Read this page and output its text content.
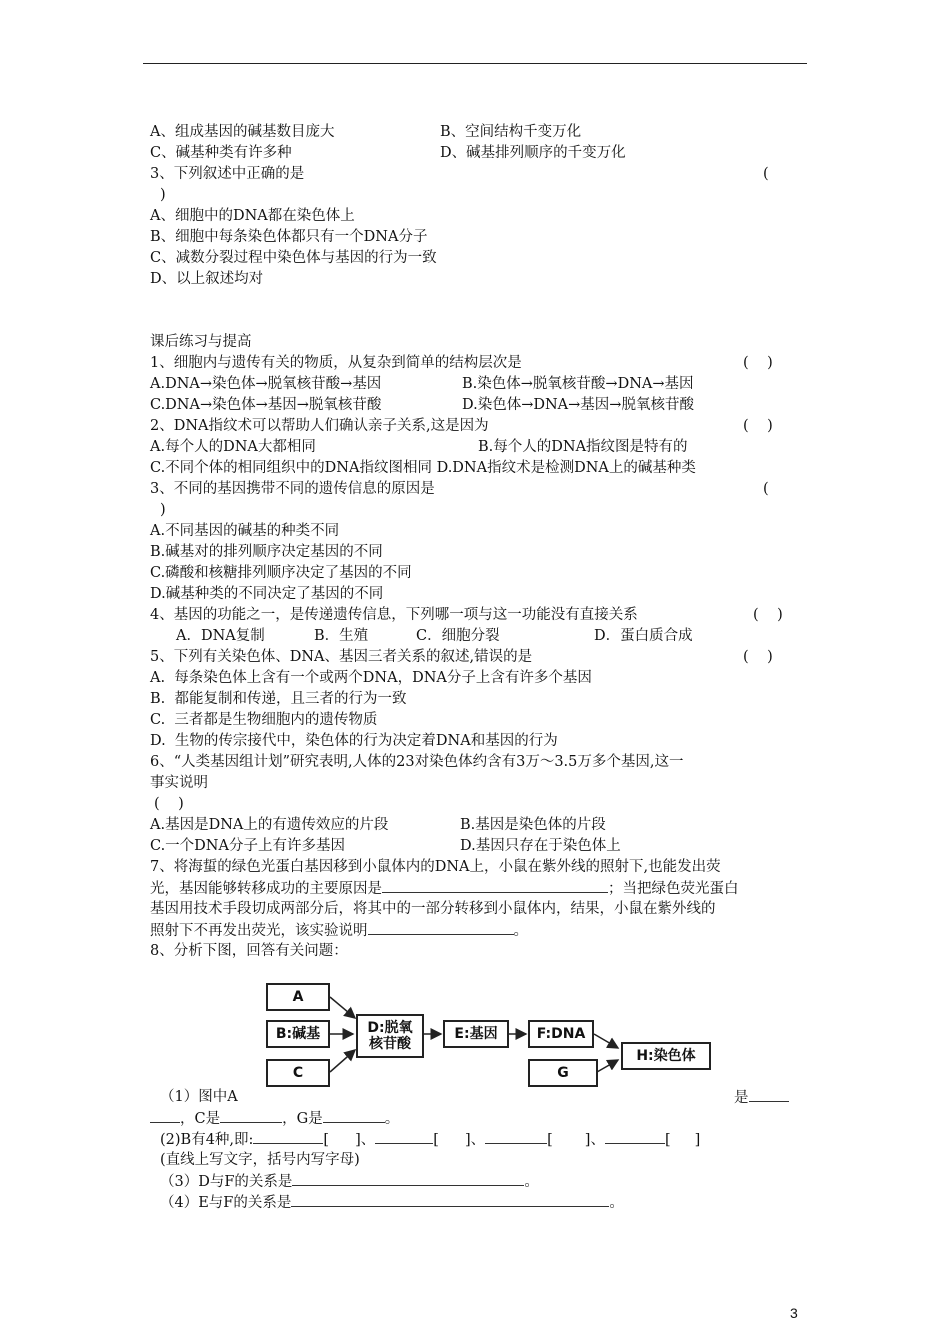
A、组成基因的碱基数目庞大	B、空间结构千变万化
C、碱基种类有许多种	D、碱基排列顺序的千变万化
3、下列叙述中正确的是	(
)
A、细胞中的DNA都在染色体上
B、细胞中每条染色体都只有一个DNA分子
C、减数分裂过程中染色体与基因的行为一致
D、以上叙述均对
课后练习与提高
1、细胞内与遗传有关的物质，从复杂到简单的结构层次是	(    )
A.DNA→染色体→脱氧核苷酸→基因	B.染色体→脱氧核苷酸→DNA→基因
C.DNA→染色体→基因→脱氧核苷酸	D.染色体→DNA→基因→脱氧核苷酸
2、DNA指纹术可以帮助人们确认亲子关系,这是因为	(    )
A.每个人的DNA大都相同	B.每个人的DNA指纹图是特有的
C.不同个体的相同组织中的DNA指纹图相同 D.DNA指纹术是检测DNA上的碱基种类
3、不同的基因携带不同的遗传信息的原因是	(
)
A.不同基因的碱基的种类不同
B.碱基对的排列顺序决定基因的不同
C.磷酸和核糖排列顺序决定了基因的不同
D.碱基种类的不同决定了基因的不同
4、基因的功能之一，是传递遗传信息，下列哪一项与这一功能没有直接关系	(    )
A．DNA复制	B．生殖	C．细胞分裂	D．蛋白质合成
5、下列有关染色体、DNA、基因三者关系的叙述,错误的是	(    )
A.  每条染色体上含有一个或两个DNA，DNA分子上含有许多个基因
B.  都能复制和传递，且三者的行为一致
C.  三者都是生物细胞内的遗传物质
D.  生物的传宗接代中，染色体的行为决定着DNA和基因的行为
6、“人类基因组计划”研究表明,人体的23对染色体约含有3万～3.5万多个基因,这一
事实说明
(    )
A.基因是DNA上的有遗传效应的片段	B.基因是染色体的片段
C.一个DNA分子上有许多基因	D.基因只存在于染色体上
7、将海蜇的绿色光蛋白基因移到小鼠体内的DNA上，小鼠在紫外线的照射下,也能发出荧
光，基因能够转移成功的主要原因是	；当把绿色荧光蛋白
基因用技术手段切成两部分后，将其中的一部分转移到小鼠体内，结果，小鼠在紫外线的
照射下不再发出荧光，该实验说明	。
8、分析下图，回答有关问题：
A
B:碱基
C
D:脱氧
核苷酸
E:基因	F:DNA
G
H:染色体
（1）图中A	是
，C是	，G是	。
(2)B有4种,即:	[ ]、	[ ]、	[ ]、	[ ]
(直线上写文字，括号内写字母)
（3）D与F的关系是	。
（4）E与F的关系是	。
3
